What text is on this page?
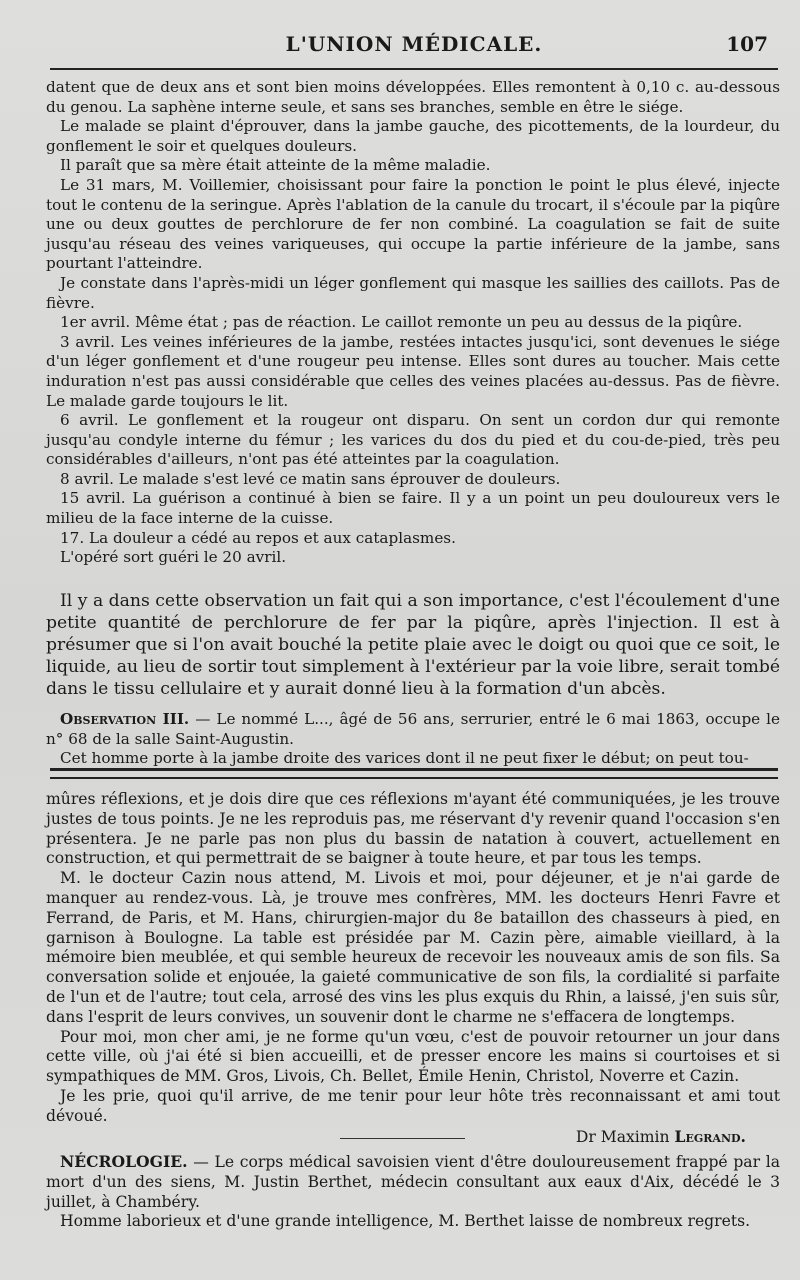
L'UNION MÉDICALE.	107

datent que de deux ans et sont bien moins développées. Elles remontent à 0,10 c. au-dessous du genou. La saphène interne seule, et sans ses branches, semble en être le siége.

Le malade se plaint d'éprouver, dans la jambe gauche, des picottements, de la lourdeur, du gonflement le soir et quelques douleurs.

Il paraît que sa mère était atteinte de la même maladie.

Le 31 mars, M. Voillemier, choisissant pour faire la ponction le point le plus élevé, injecte tout le contenu de la seringue. Après l'ablation de la canule du trocart, il s'écoule par la piqûre une ou deux gouttes de perchlorure de fer non combiné. La coagulation se fait de suite jusqu'au réseau des veines variqueuses, qui occupe la partie inférieure de la jambe, sans pourtant l'atteindre.

Je constate dans l'après-midi un léger gonflement qui masque les saillies des caillots. Pas de fièvre.

1er avril. Même état ; pas de réaction. Le caillot remonte un peu au dessus de la piqûre.

3 avril. Les veines inférieures de la jambe, restées intactes jusqu'ici, sont devenues le siége d'un léger gonflement et d'une rougeur peu intense. Elles sont dures au toucher. Mais cette induration n'est pas aussi considérable que celles des veines placées au-dessus. Pas de fièvre. Le malade garde toujours le lit.

6 avril. Le gonflement et la rougeur ont disparu. On sent un cordon dur qui remonte jusqu'au condyle interne du fémur ; les varices du dos du pied et du cou-de-pied, très peu considérables d'ailleurs, n'ont pas été atteintes par la coagulation.

8 avril. Le malade s'est levé ce matin sans éprouver de douleurs.

15 avril. La guérison a continué à bien se faire. Il y a un point un peu douloureux vers le milieu de la face interne de la cuisse.

17. La douleur a cédé au repos et aux cataplasmes.

L'opéré sort guéri le 20 avril.

Il y a dans cette observation un fait qui a son importance, c'est l'écoulement d'une petite quantité de perchlorure de fer par la piqûre, après l'injection. Il est à présumer que si l'on avait bouché la petite plaie avec le doigt ou quoi que ce soit, le liquide, au lieu de sortir tout simplement à l'extérieur par la voie libre, serait tombé dans le tissu cellulaire et y aurait donné lieu à la formation d'un abcès.

Observation III. — Le nommé L..., âgé de 56 ans, serrurier, entré le 6 mai 1863, occupe le n° 68 de la salle Saint-Augustin.

Cet homme porte à la jambe droite des varices dont il ne peut fixer le début; on peut tou-

mûres réflexions, et je dois dire que ces réflexions m'ayant été communiquées, je les trouve justes de tous points. Je ne les reproduis pas, me réservant d'y revenir quand l'occasion s'en présentera. Je ne parle pas non plus du bassin de natation à couvert, actuellement en construction, et qui permettrait de se baigner à toute heure, et par tous les temps.

M. le docteur Cazin nous attend, M. Livois et moi, pour déjeuner, et je n'ai garde de manquer au rendez-vous. Là, je trouve mes confrères, MM. les docteurs Henri Favre et Ferrand, de Paris, et M. Hans, chirurgien-major du 8e bataillon des chasseurs à pied, en garnison à Boulogne. La table est présidée par M. Cazin père, aimable vieillard, à la mémoire bien meublée, et qui semble heureux de recevoir les nouveaux amis de son fils. Sa conversation solide et enjouée, la gaieté communicative de son fils, la cordialité si parfaite de l'un et de l'autre; tout cela, arrosé des vins les plus exquis du Rhin, a laissé, j'en suis sûr, dans l'esprit de leurs convives, un souvenir dont le charme ne s'effacera de longtemps.

Pour moi, mon cher ami, je ne forme qu'un vœu, c'est de pouvoir retourner un jour dans cette ville, où j'ai été si bien accueilli, et de presser encore les mains si courtoises et si sympathiques de MM. Gros, Livois, Ch. Bellet, Émile Henin, Christol, Noverre et Cazin.

Je les prie, quoi qu'il arrive, de me tenir pour leur hôte très reconnaissant et ami tout dévoué.

Dr Maximin Legrand.

NÉCROLOGIE. — Le corps médical savoisien vient d'être douloureusement frappé par la mort d'un des siens, M. Justin Berthet, médecin consultant aux eaux d'Aix, décédé le 3 juillet, à Chambéry.

Homme laborieux et d'une grande intelligence, M. Berthet laisse de nombreux regrets.
